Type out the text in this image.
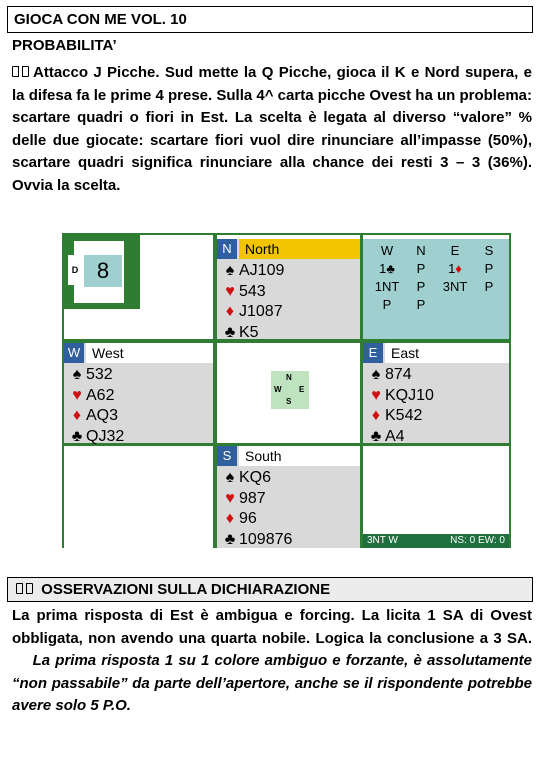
GIOCA CON ME VOL. 10
PROBABILITA’
Attacco J Picche. Sud mette la Q Picche, gioca il K e Nord supera, e la difesa fa le prime 4 prese. Sulla 4^ carta picche Ovest ha un problema: scartare quadri o fiori in Est. La scelta è legata al diverso “valore” % delle due giocate: scartare fiori vuol dire rinunciare all’impasse (50%), scartare quadri significa rinunciare alla chance dei resti 3 – 3 (36%). Ovvia la scelta.
D 8
N North
♠ AJ109
♥ 543
♦ J1087
♣ K5
W	N	E	S
1♣	P	1♦	P
1NT	P	3NT	P
P	P
W West
♠ 532
♥ A62
♦ AQ3
♣ QJ32
N
S
E
W
E East
♠ 874
♥ KQJ10
♦ K542
♣ A4
S South
♠ KQ6
♥ 987
♦ 96
♣ 109876	3NT W	NS: 0 EW: 0
OSSERVAZIONI SULLA DICHIARAZIONE
La prima risposta di Est è ambigua e forcing. La licita 1 SA di Ovest obbligata, non avendo una quarta nobile. Logica la conclusione a 3 SA.     La prima risposta 1 su 1 colore ambiguo e forzante, è assolutamente “non passabile” da parte dell’apertore, anche se il rispondente potrebbe avere solo 5 P.O.
